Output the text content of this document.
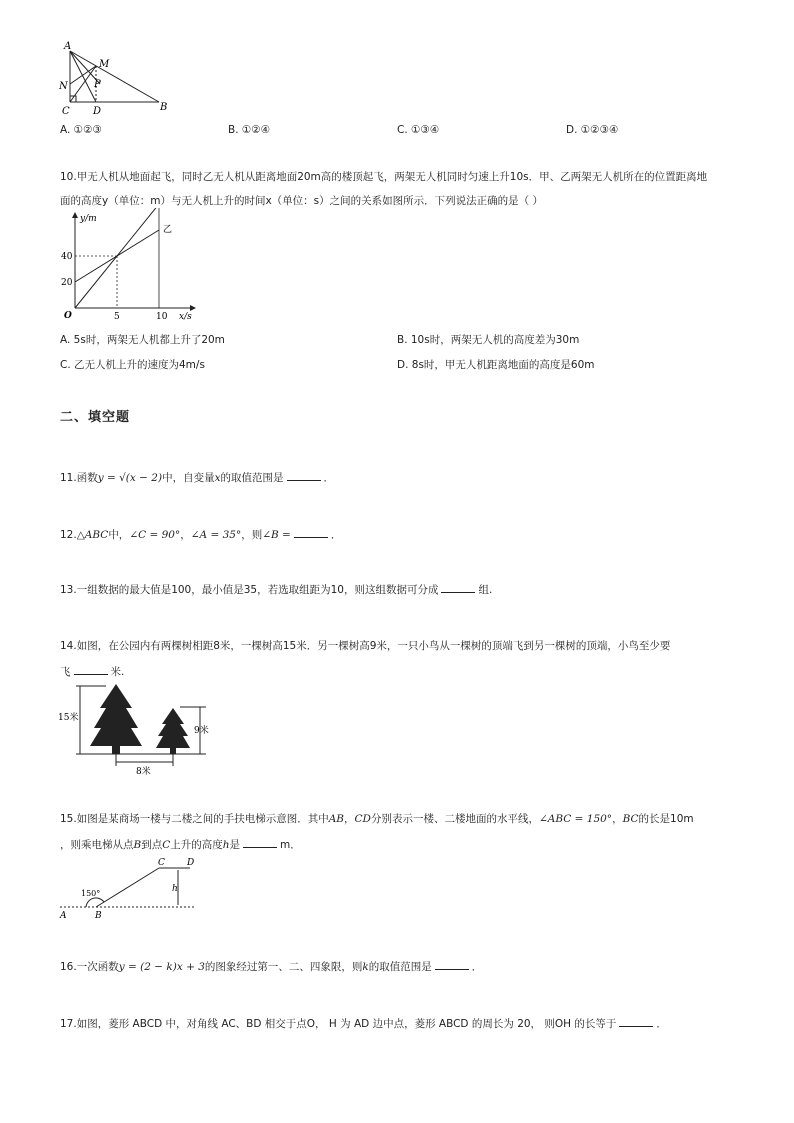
A
M
N	P
C D	B
A. ①②③	B. ①②④	C. ①③④	D. ①②③④
10.甲无人机从地面起飞，同时乙无人机从距离地面20m高的楼顶起飞，两架无人机同时匀速上升10s．甲、乙两架无人机所在的位置距离地
面的高度y（单位：m）与无人机上升的时间x（单位：s）之间的关系如图所示．下列说法正确的是（ ）
y/m
x/s
O	5	10
20
40
乙
A. 5s时，两架无人机都上升了20m	B. 10s时，两架无人机的高度差为30m
C. 乙无人机上升的速度为4m/s	D. 8s时，甲无人机距离地面的高度是60m
二、填空题
11.函数y = √(x − 2)中，自变量x的取值范围是	．
12.△ABC中，∠C = 90°，∠A = 35°，则∠B =	．
13.一组数据的最大值是100，最小值是35，若选取组距为10，则这组数据可分成	组.
14.如图，在公园内有两棵树相距8米，一棵树高15米．另一棵树高9米，一只小鸟从一棵树的顶端飞到另一棵树的顶端，小鸟至少要
飞	米.
15米
9米
8米
15.如图是某商场一楼与二楼之间的手扶电梯示意图．其中AB，CD分别表示一楼、二楼地面的水平线，∠ABC = 150°，BC的长是10m
，则乘电梯从点B到点C上升的高度h是	m．
C D
h
150°
A	B
16.一次函数y = (2 − k)x + 3的图象经过第一、二、四象限，则k的取值范围是	．
17.如图，菱形 ABCD 中，对角线 AC、BD 相交于点O， H 为 AD 边中点，菱形 ABCD 的周长为 20， 则OH 的长等于	．
